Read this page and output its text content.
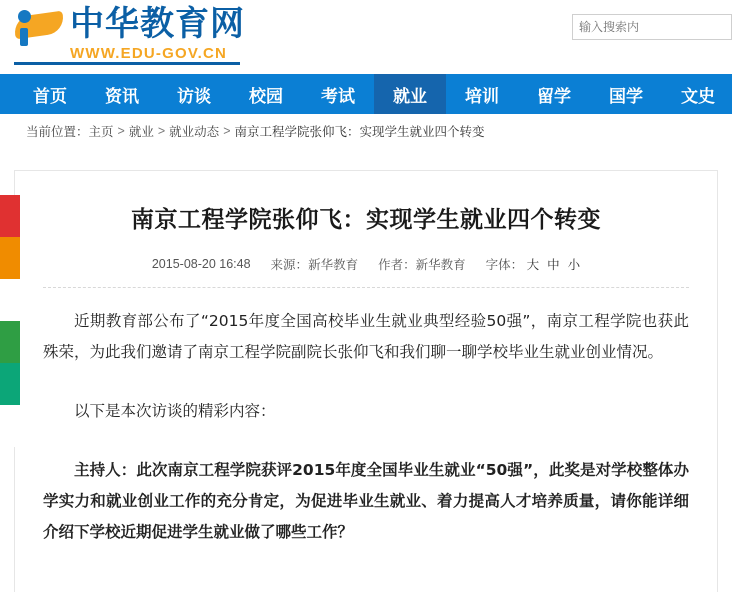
中华教育网
WWW.EDU-GOV.CN
输入搜索内
首页	资讯	访谈	校园	考试	就业	培训	留学	国学	文史
当前位置： 主页 > 就业 > 就业动态 > 南京工程学院张仰飞：实现学生就业四个转变
南京工程学院张仰飞：实现学生就业四个转变
2015-08-20 16:48 来源：新华教育 作者：新华教育 字体： 大 中 小

近期教育部公布了“2015年度全国高校毕业生就业典型经验50强”，南京工程学院也获此殊荣，为此我们邀请了南京工程学院副院长张仰飞和我们聊一聊学校毕业生就业创业情况。

以下是本次访谈的精彩内容：

主持人：此次南京工程学院获评2015年度全国毕业生就业“50强”，此奖是对学校整体办学实力和就业创业工作的充分肯定，为促进毕业生就业、着力提高人才培养质量，请你能详细介绍下学校近期促进学生就业做了哪些工作？
